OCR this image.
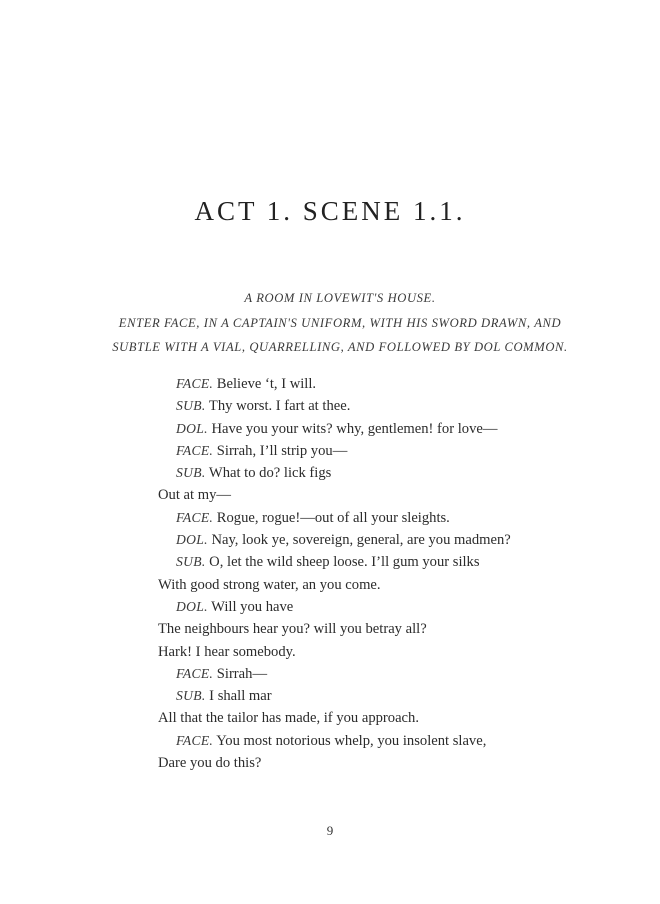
ACT 1. SCENE 1.1.
A ROOM IN LOVEWIT'S HOUSE.
ENTER FACE, IN A CAPTAIN'S UNIFORM, WITH HIS SWORD DRAWN, AND
SUBTLE WITH A VIAL, QUARRELLING, AND FOLLOWED BY DOL COMMON.
FACE. Believe ‘t, I will.
SUB. Thy worst. I fart at thee.
DOL. Have you your wits? why, gentlemen! for love—
FACE. Sirrah, I’ll strip you—
SUB. What to do? lick figs
Out at my—
FACE. Rogue, rogue!—out of all your sleights.
DOL. Nay, look ye, sovereign, general, are you madmen?
SUB. O, let the wild sheep loose. I’ll gum your silks
With good strong water, an you come.
DOL. Will you have
The neighbours hear you? will you betray all?
Hark! I hear somebody.
FACE. Sirrah—
SUB. I shall mar
All that the tailor has made, if you approach.
FACE. You most notorious whelp, you insolent slave,
Dare you do this?
9
